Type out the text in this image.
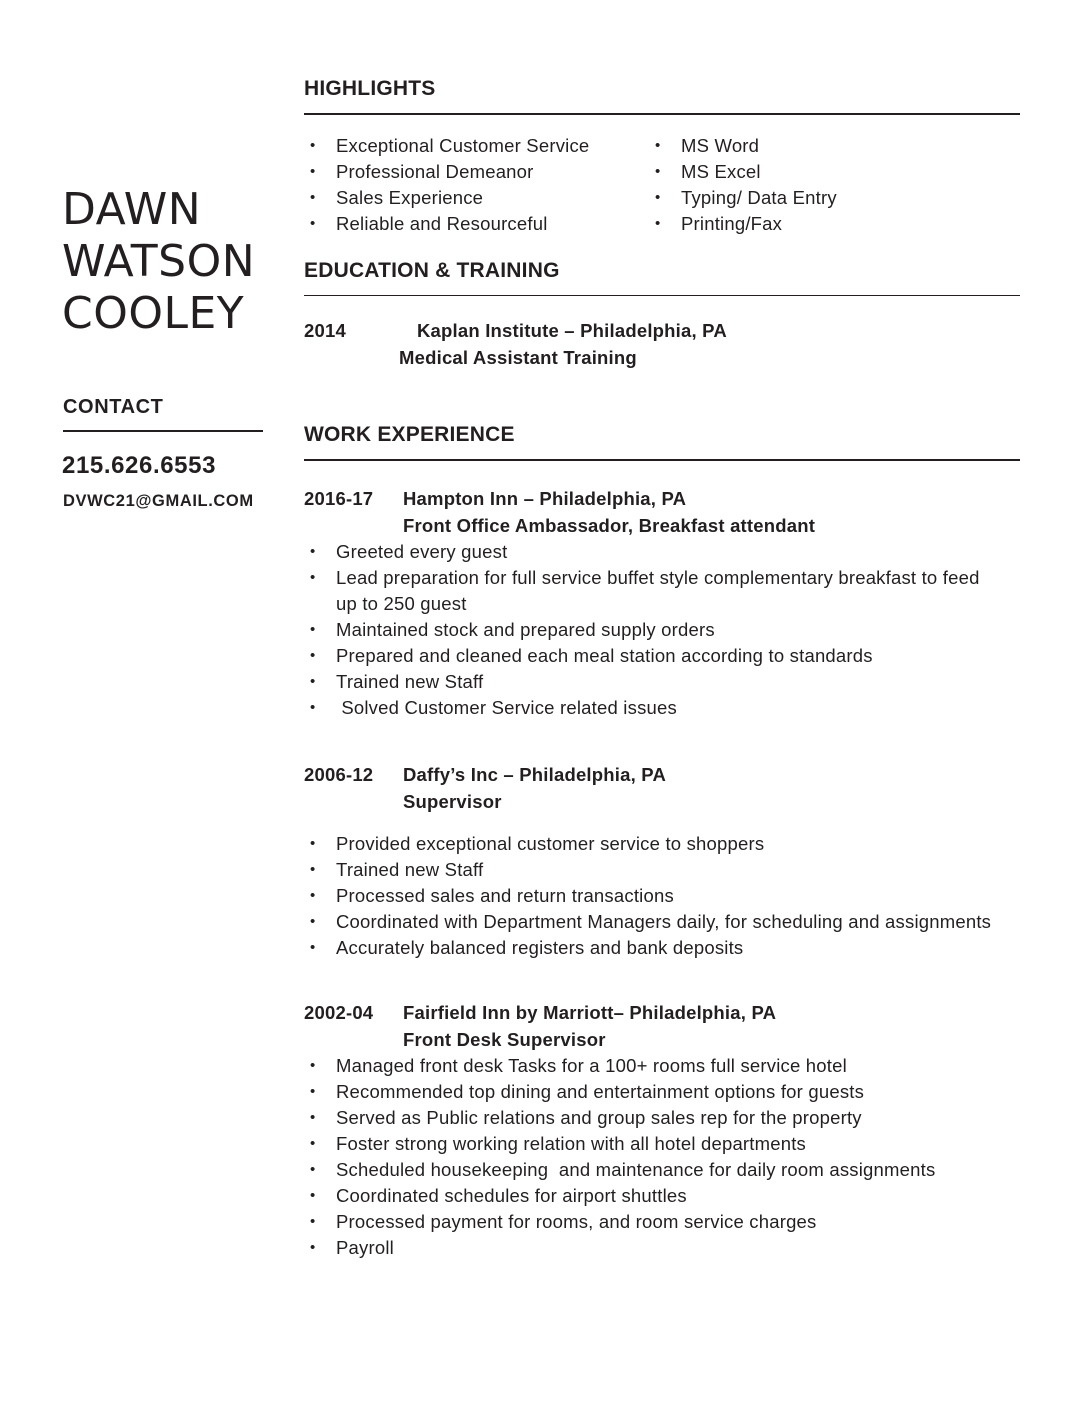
DAWN
WATSON
COOLEY
CONTACT
215.626.6553
DVWC21@GMAIL.COM
HIGHLIGHTS
•	Exceptional Customer Service
•	Professional Demeanor
•	Sales Experience
•	Reliable and Resourceful
•	MS Word
•	MS Excel
•	Typing/ Data Entry
•	Printing/Fax
EDUCATION & TRAINING
2014	Kaplan Institute – Philadelphia, PA
Medical Assistant Training
WORK EXPERIENCE
2016-17	Hampton Inn – Philadelphia, PA
Front Office Ambassador, Breakfast attendant
•	Greeted every guest
•	Lead preparation for full service buffet style complementary breakfast to feed up to 250 guest
•	Maintained stock and prepared supply orders
•	Prepared and cleaned each meal station according to standards
•	Trained new Staff
•	Solved Customer Service related issues
2006-12	Daffy’s Inc – Philadelphia, PA
Supervisor
•	Provided exceptional customer service to shoppers
•	Trained new Staff
•	Processed sales and return transactions
•	Coordinated with Department Managers daily, for scheduling and assignments
•	Accurately balanced registers and bank deposits
2002-04	Fairfield Inn by Marriott– Philadelphia, PA
Front Desk Supervisor
•	Managed front desk Tasks for a 100+ rooms full service hotel
•	Recommended top dining and entertainment options for guests
•	Served as Public relations and group sales rep for the property
•	Foster strong working relation with all hotel departments
•	Scheduled housekeeping  and maintenance for daily room assignments
•	Coordinated schedules for airport shuttles
•	Processed payment for rooms, and room service charges
•	Payroll
